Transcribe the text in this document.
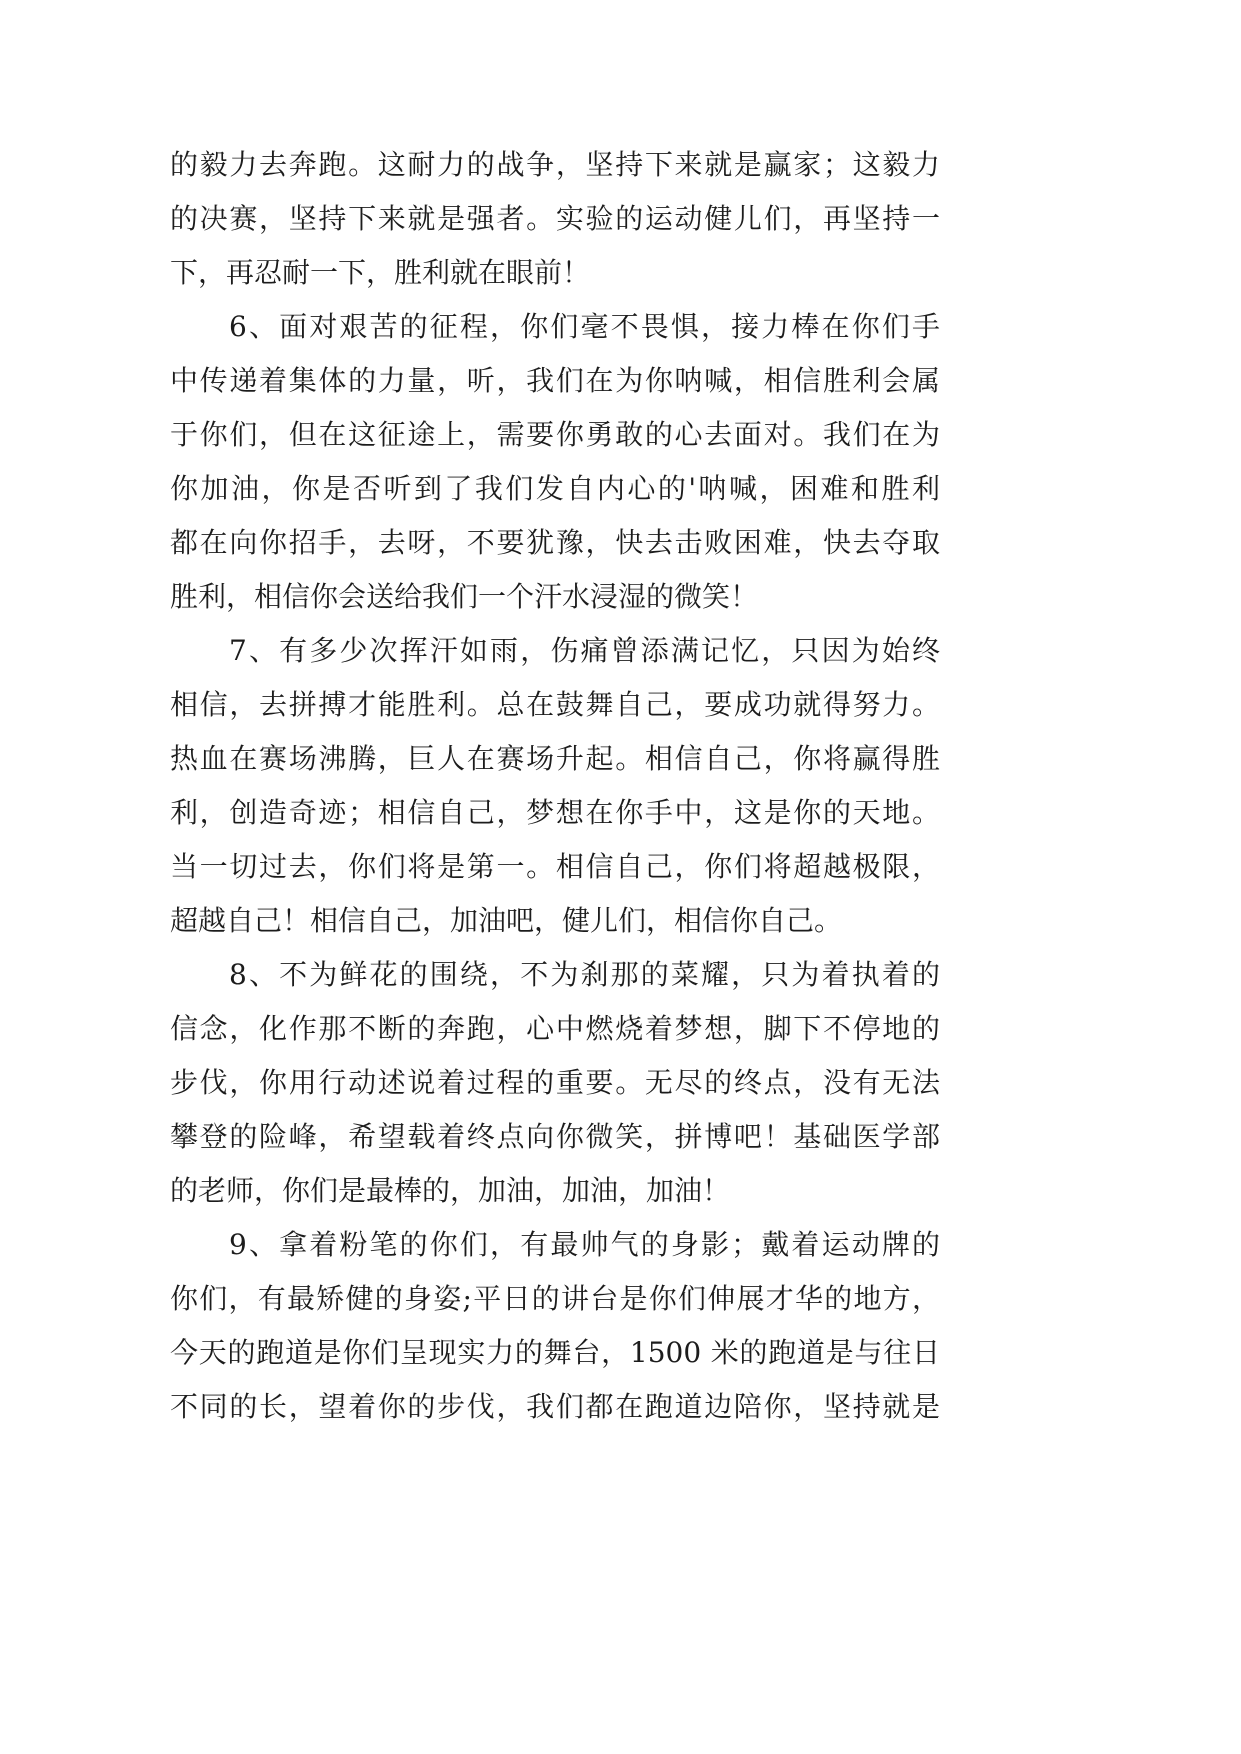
的毅力去奔跑。这耐力的战争，坚持下来就是赢家；这毅力
的决赛，坚持下来就是强者。实验的运动健儿们，再坚持一
下，再忍耐一下，胜利就在眼前！
6、面对艰苦的征程，你们毫不畏惧，接力棒在你们手
中传递着集体的力量，听，我们在为你呐喊，相信胜利会属
于你们，但在这征途上，需要你勇敢的心去面对。我们在为
你加油，你是否听到了我们发自内心的'呐喊，困难和胜利
都在向你招手，去呀，不要犹豫，快去击败困难，快去夺取
胜利，相信你会送给我们一个汗水浸湿的微笑！
7、有多少次挥汗如雨，伤痛曾添满记忆，只因为始终
相信，去拼搏才能胜利。总在鼓舞自己，要成功就得努力。
热血在赛场沸腾，巨人在赛场升起。相信自己，你将赢得胜
利，创造奇迹；相信自己，梦想在你手中，这是你的天地。
当一切过去，你们将是第一。相信自己，你们将超越极限，
超越自己！相信自己，加油吧，健儿们，相信你自己。
8、不为鲜花的围绕，不为刹那的菜耀，只为着执着的
信念，化作那不断的奔跑，心中燃烧着梦想，脚下不停地的
步伐，你用行动述说着过程的重要。无尽的终点，没有无法
攀登的险峰，希望载着终点向你微笑，拼博吧！基础医学部
的老师，你们是最棒的，加油，加油，加油！
9、拿着粉笔的你们，有最帅气的身影；戴着运动牌的
你们，有最矫健的身姿;平日的讲台是你们伸展才华的地方，
今天的跑道是你们呈现实力的舞台，1500 米的跑道是与往日
不同的长，望着你的步伐，我们都在跑道边陪你，坚持就是
